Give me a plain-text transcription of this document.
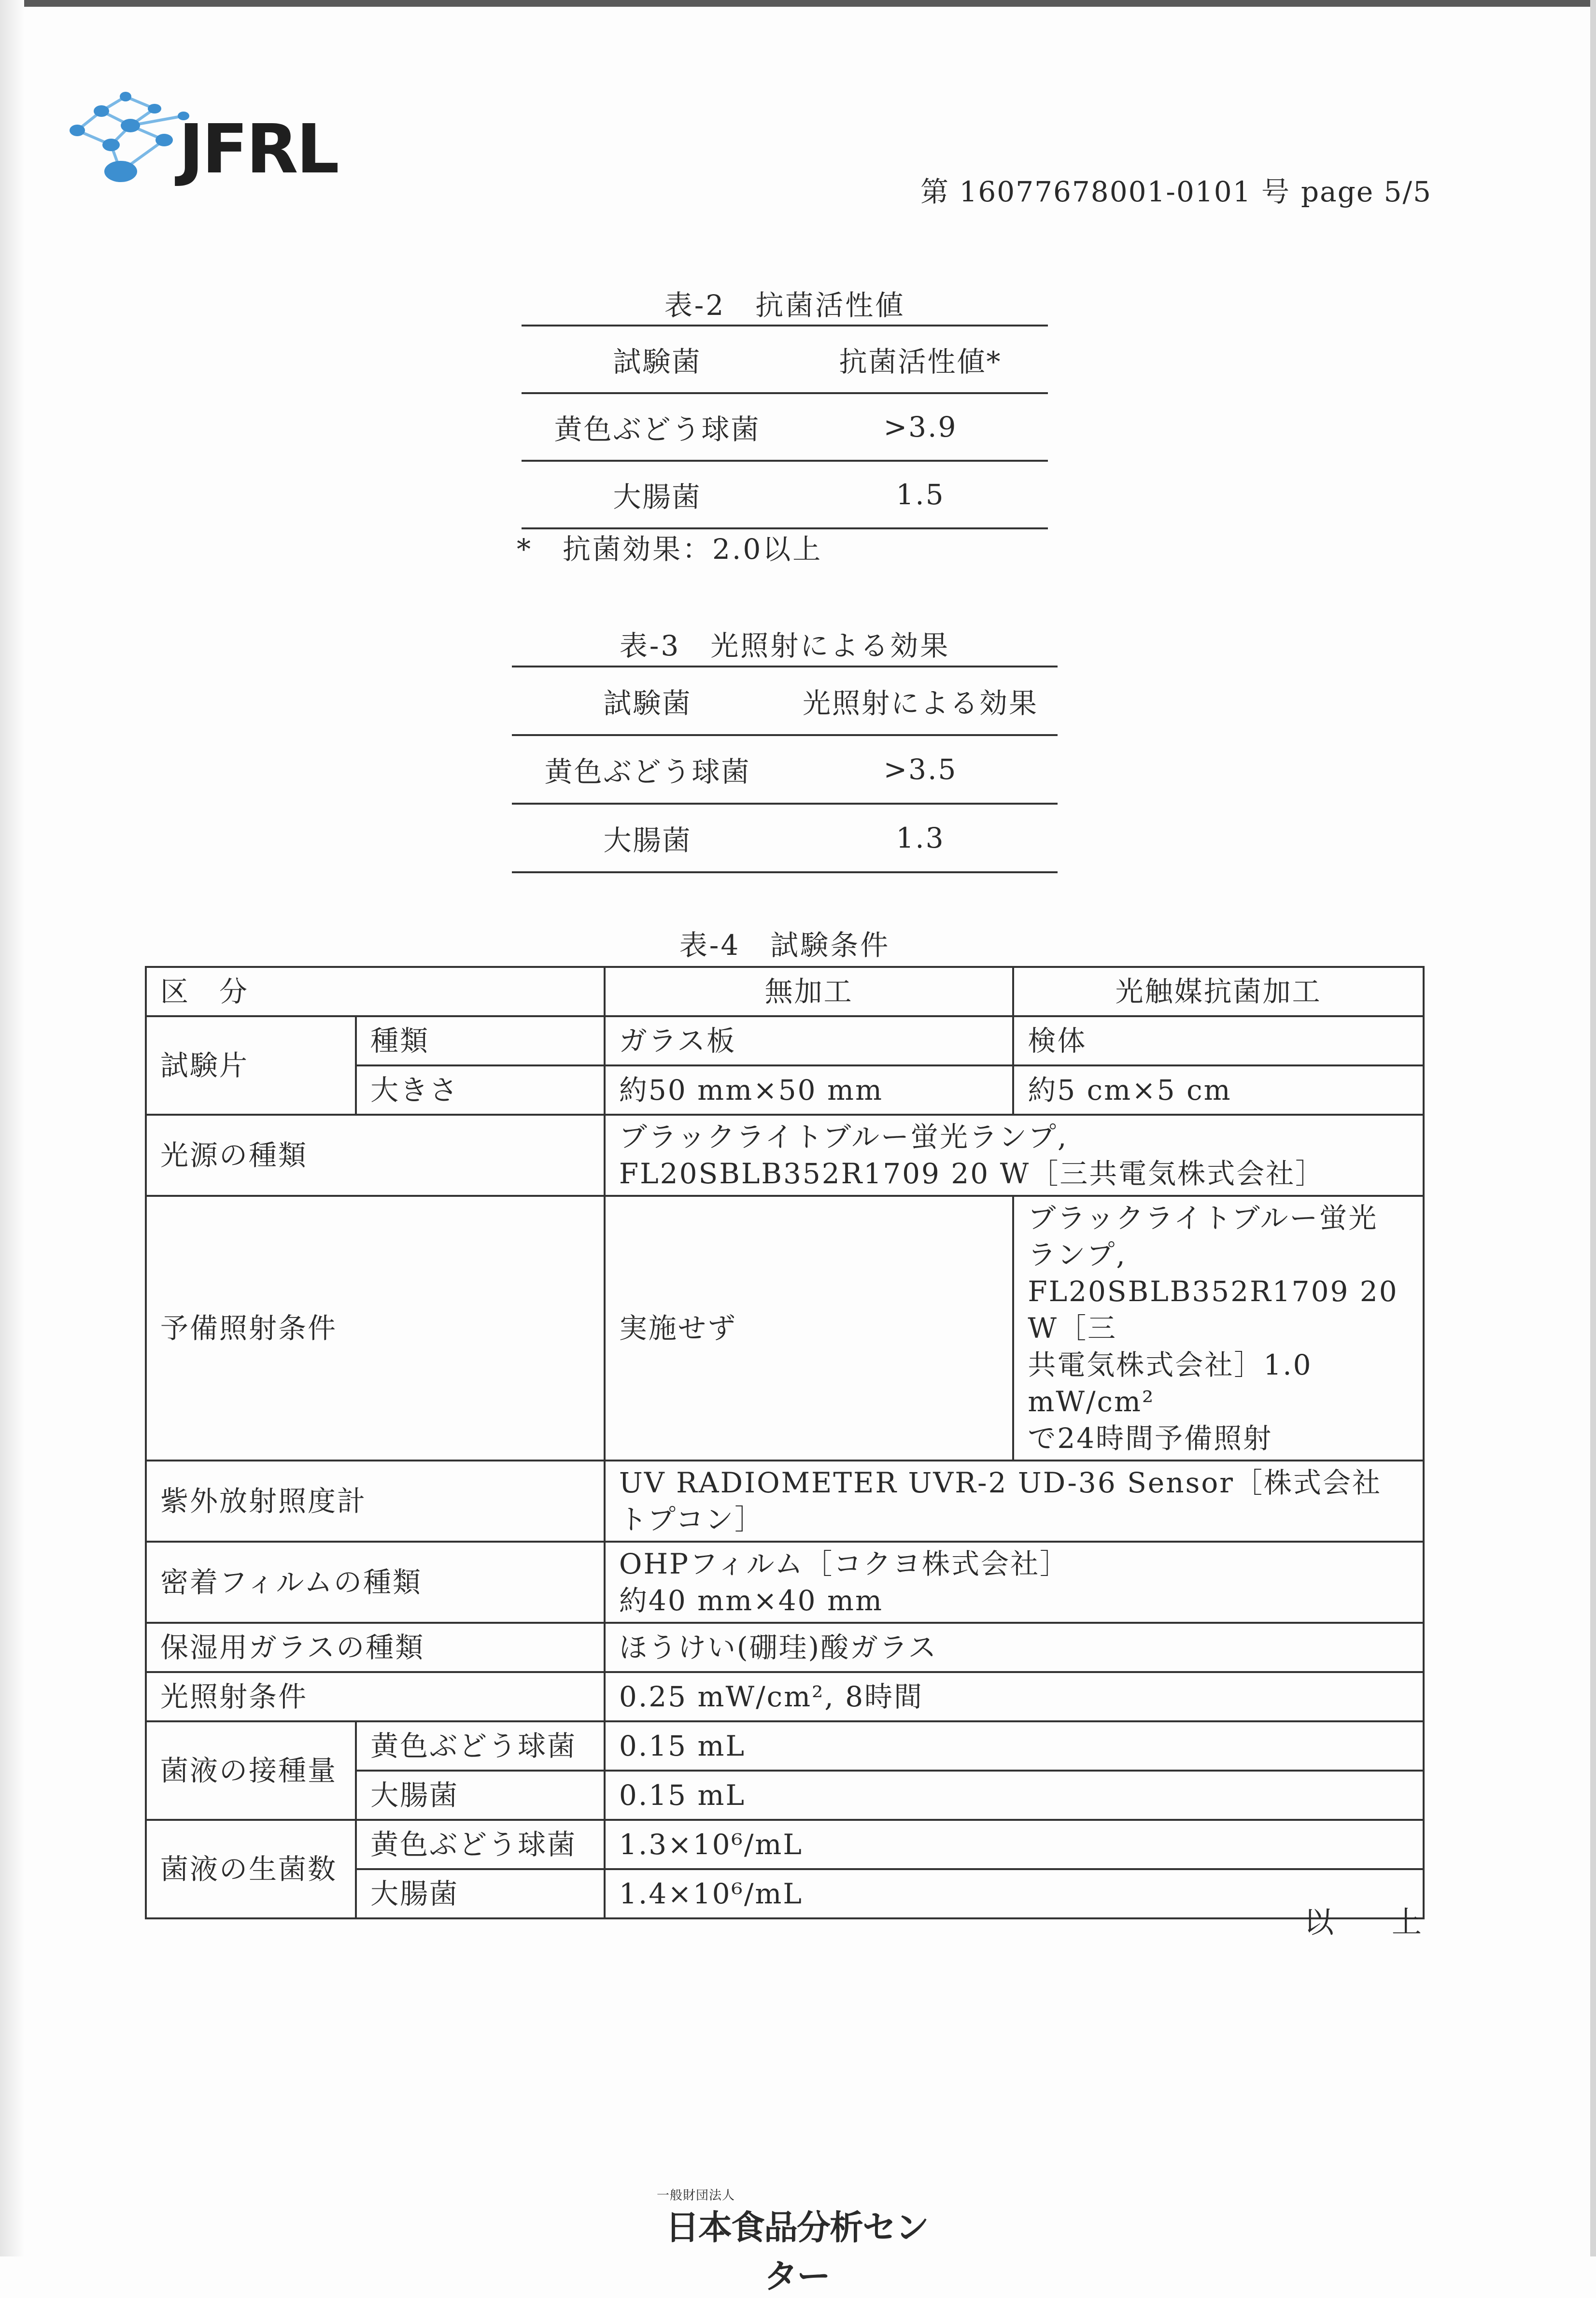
JFRL
第 16077678001-0101 号 page 5/5
表-2　抗菌活性値
試験菌	抗菌活性値*
黄色ぶどう球菌	>3.9
大腸菌	1.5
*　抗菌効果：2.0以上
表-3　光照射による効果
試験菌	光照射による効果
黄色ぶどう球菌	>3.5
大腸菌	1.3
表-4　試験条件
区　分		無加工	光触媒抗菌加工
試験片	種類	ガラス板	検体
	大きさ	約50 mm×50 mm	約5 cm×5 cm
光源の種類		ブラックライトブルー蛍光ランプ,
FL20SBLB352R1709 20 W［三共電気株式会社］	

予備照射条件		実施せず	ブラックライトブルー蛍光
ランプ,
FL20SBLB352R1709 20 W［三
共電気株式会社］1.0 mW/cm²
で24時間予備照射

紫外放射照度計		UV RADIOMETER UVR-2 UD-36 Sensor［株式会社　トプコン］	
密着フィルムの種類		OHPフィルム［コクヨ株式会社］
約40 mm×40 mm	

保湿用ガラスの種類		ほうけい(硼珪)酸ガラス	
光照射条件		0.25 mW/cm², 8時間	
菌液の接種量	黄色ぶどう球菌	0.15 mL	
	大腸菌	0.15 mL	
菌液の生菌数	黄色ぶどう球菌	1.3×10⁶/mL	
	大腸菌	1.4×10⁶/mL	
以上
一般財団法人
日本食品分析センター
